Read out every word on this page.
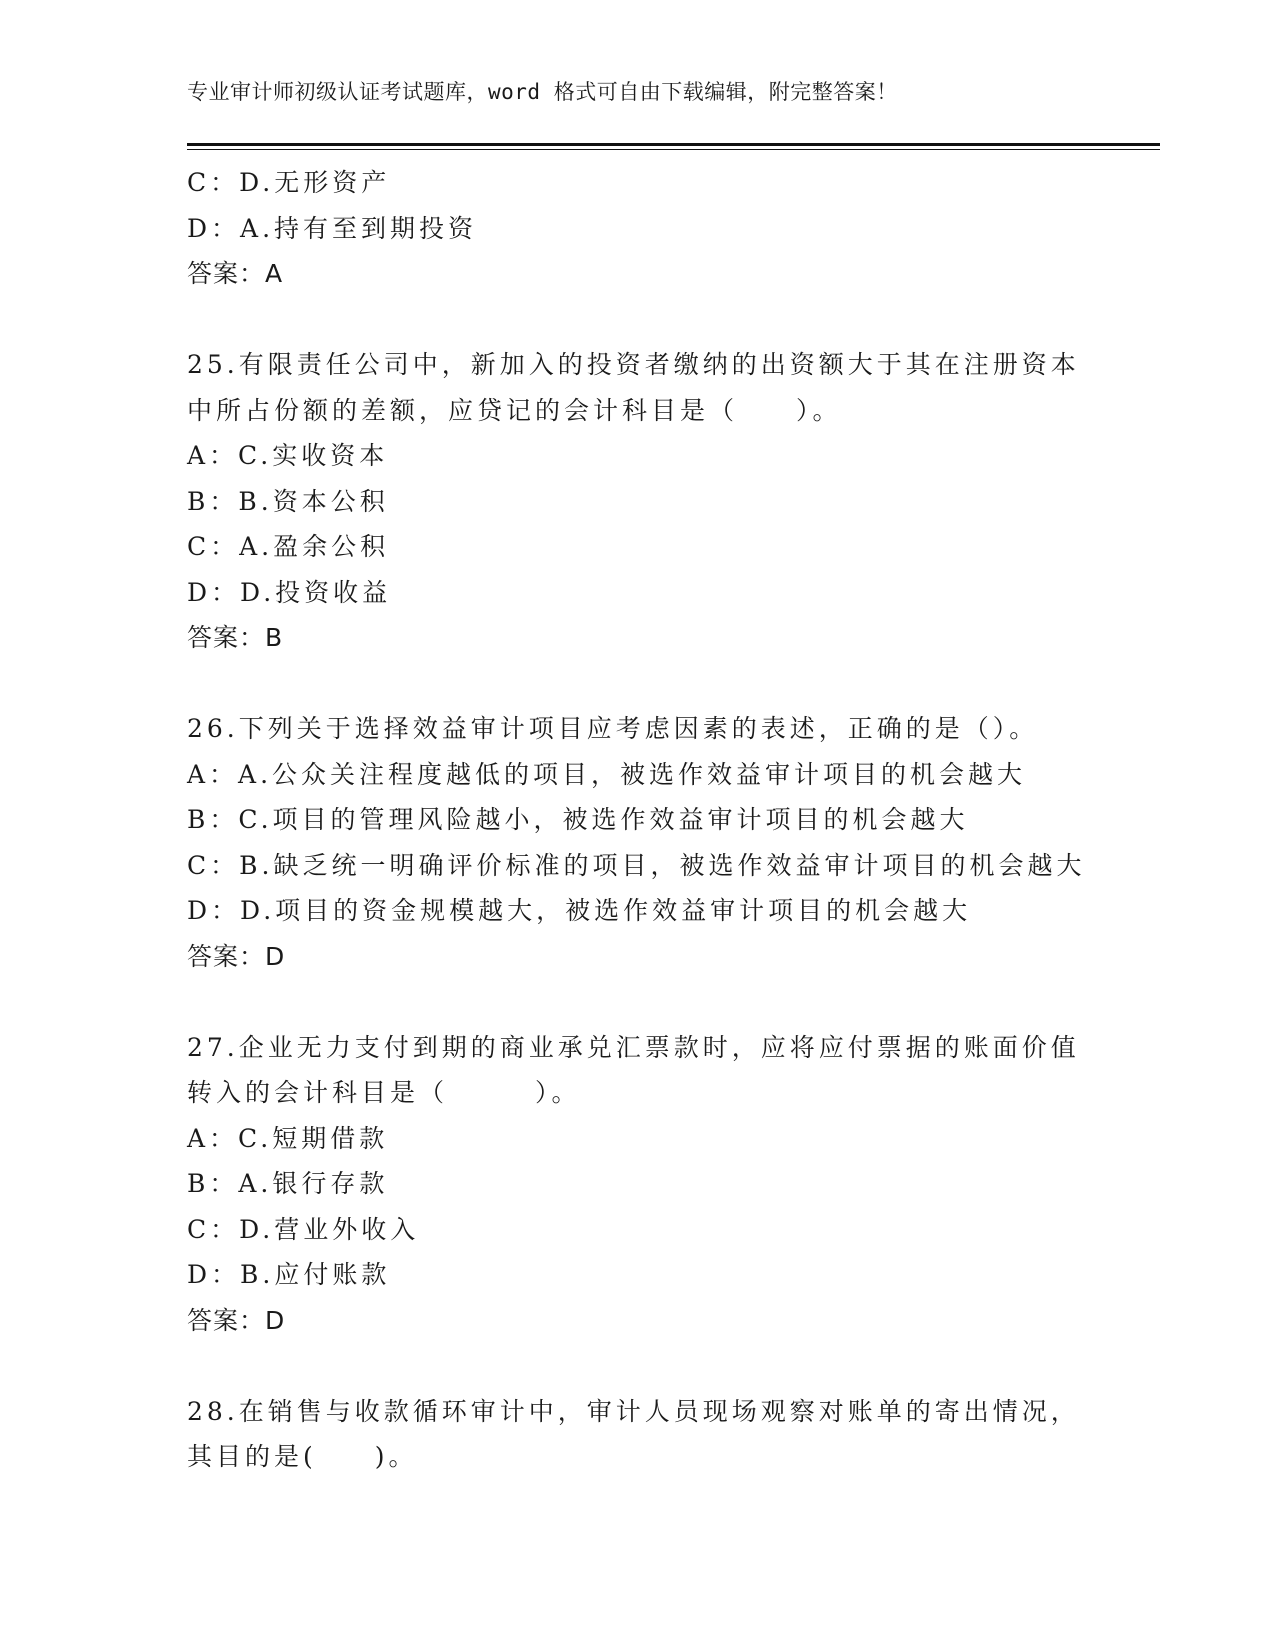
专业审计师初级认证考试题库，word 格式可自由下载编辑，附完整答案！
C：D.无形资产
D：A.持有至到期投资
答案：A
25.有限责任公司中，新加入的投资者缴纳的出资额大于其在注册资本
中所占份额的差额，应贷记的会计科目是（　　）。
A：C.实收资本
B：B.资本公积
C：A.盈余公积
D：D.投资收益
答案：B
26.下列关于选择效益审计项目应考虑因素的表述，正确的是（）。
A：A.公众关注程度越低的项目，被选作效益审计项目的机会越大
B：C.项目的管理风险越小，被选作效益审计项目的机会越大
C：B.缺乏统一明确评价标准的项目，被选作效益审计项目的机会越大
D：D.项目的资金规模越大，被选作效益审计项目的机会越大
答案：D
27.企业无力支付到期的商业承兑汇票款时，应将应付票据的账面价值
转入的会计科目是（　　　）。
A：C.短期借款
B：A.银行存款
C：D.营业外收入
D：B.应付账款
答案：D
28.在销售与收款循环审计中，审计人员现场观察对账单的寄出情况，
其目的是(　　)。
